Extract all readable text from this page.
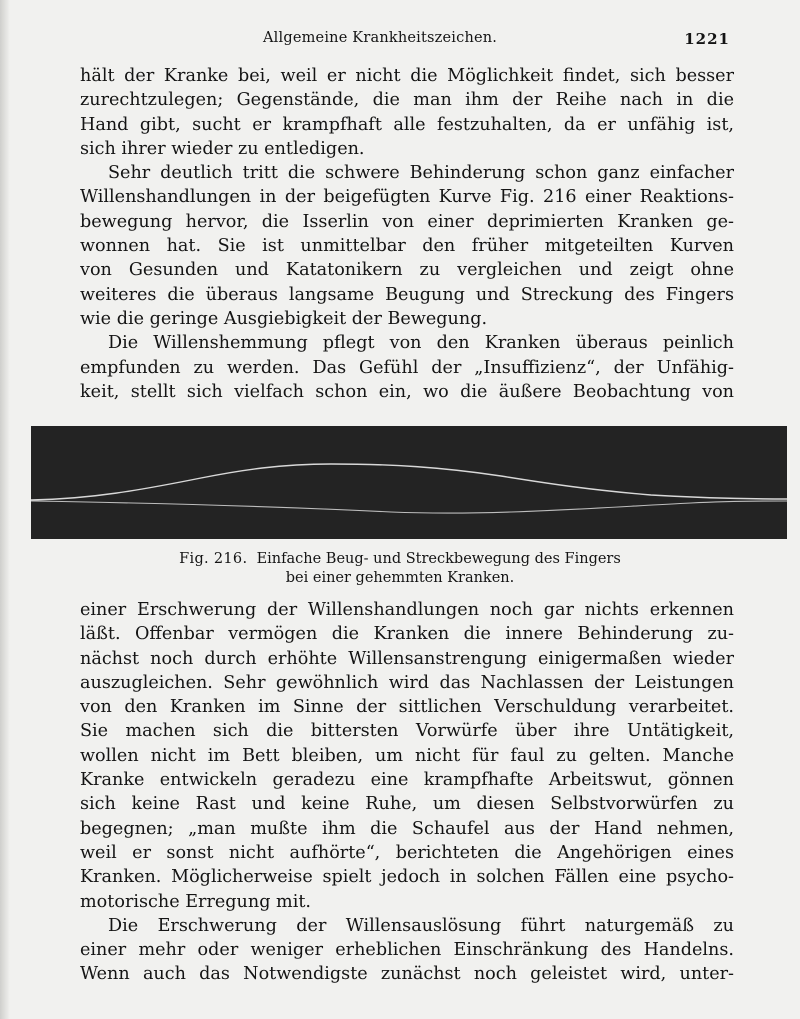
Allgemeine Krankheitszeichen.	1221
hält der Kranke bei, weil er nicht die Möglichkeit findet, sich besser
zurechtzulegen; Gegenstände, die man ihm der Reihe nach in die
Hand gibt, sucht er krampfhaft alle festzuhalten, da er unfähig ist,
sich ihrer wieder zu entledigen.
Sehr deutlich tritt die schwere Behinderung schon ganz einfacher
Willenshandlungen in der beigefügten Kurve Fig. 216 einer Reaktions-
bewegung hervor, die Isserlin von einer deprimierten Kranken ge-
wonnen hat. Sie ist unmittelbar den früher mitgeteilten Kurven
von Gesunden und Katatonikern zu vergleichen und zeigt ohne
weiteres die überaus langsame Beugung und Streckung des Fingers
wie die geringe Ausgiebigkeit der Bewegung.
Die Willenshemmung pflegt von den Kranken überaus peinlich
empfunden zu werden. Das Gefühl der „Insuffizienz“, der Unfähig-
keit, stellt sich vielfach schon ein, wo die äußere Beobachtung von
Fig. 216. Einfache Beug- und Streckbewegung des Fingers
bei einer gehemmten Kranken.
einer Erschwerung der Willenshandlungen noch gar nichts erkennen
läßt. Offenbar vermögen die Kranken die innere Behinderung zu-
nächst noch durch erhöhte Willensanstrengung einigermaßen wieder
auszugleichen. Sehr gewöhnlich wird das Nachlassen der Leistungen
von den Kranken im Sinne der sittlichen Verschuldung verarbeitet.
Sie machen sich die bittersten Vorwürfe über ihre Untätigkeit,
wollen nicht im Bett bleiben, um nicht für faul zu gelten. Manche
Kranke entwickeln geradezu eine krampfhafte Arbeitswut, gönnen
sich keine Rast und keine Ruhe, um diesen Selbstvorwürfen zu
begegnen; „man mußte ihm die Schaufel aus der Hand nehmen,
weil er sonst nicht aufhörte“, berichteten die Angehörigen eines
Kranken. Möglicherweise spielt jedoch in solchen Fällen eine psycho-
motorische Erregung mit.
Die Erschwerung der Willensauslösung führt naturgemäß zu
einer mehr oder weniger erheblichen Einschränkung des Handelns.
Wenn auch das Notwendigste zunächst noch geleistet wird, unter-
